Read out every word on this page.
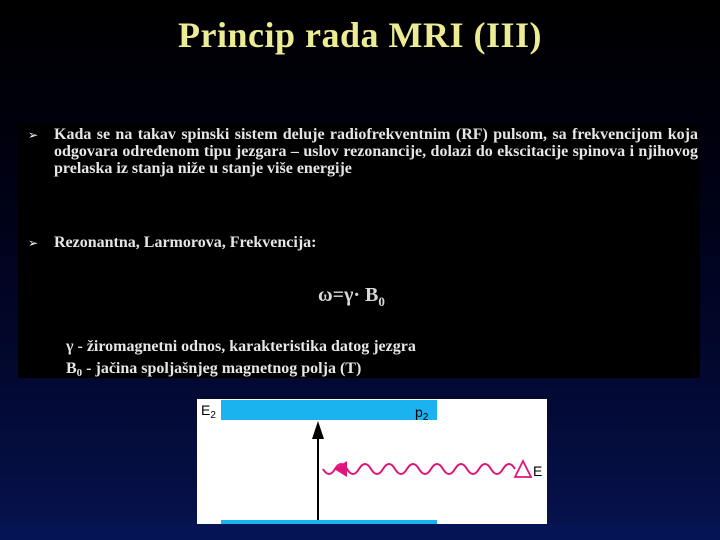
Princip rada MRI (III)
➢ Kada se na takav spinski sistem deluje radiofrekventnim (RF) pulsom, sa frekvencijom koja odgovara određenom tipu jezgara – uslov rezonancije, dolazi do ekscitacije spinova i njihovog prelaska iz stanja niže u stanje više energije
➢ Rezonantna, Larmorova, Frekvencija:
$\omega=\gamma\cdot B_0$
γ - žiromagnetni odnos, karakteristika datog jezgra
$B_0$ - jačina spoljašnjeg magnetnog polja (T)
$E_2$	$p_2$
E
